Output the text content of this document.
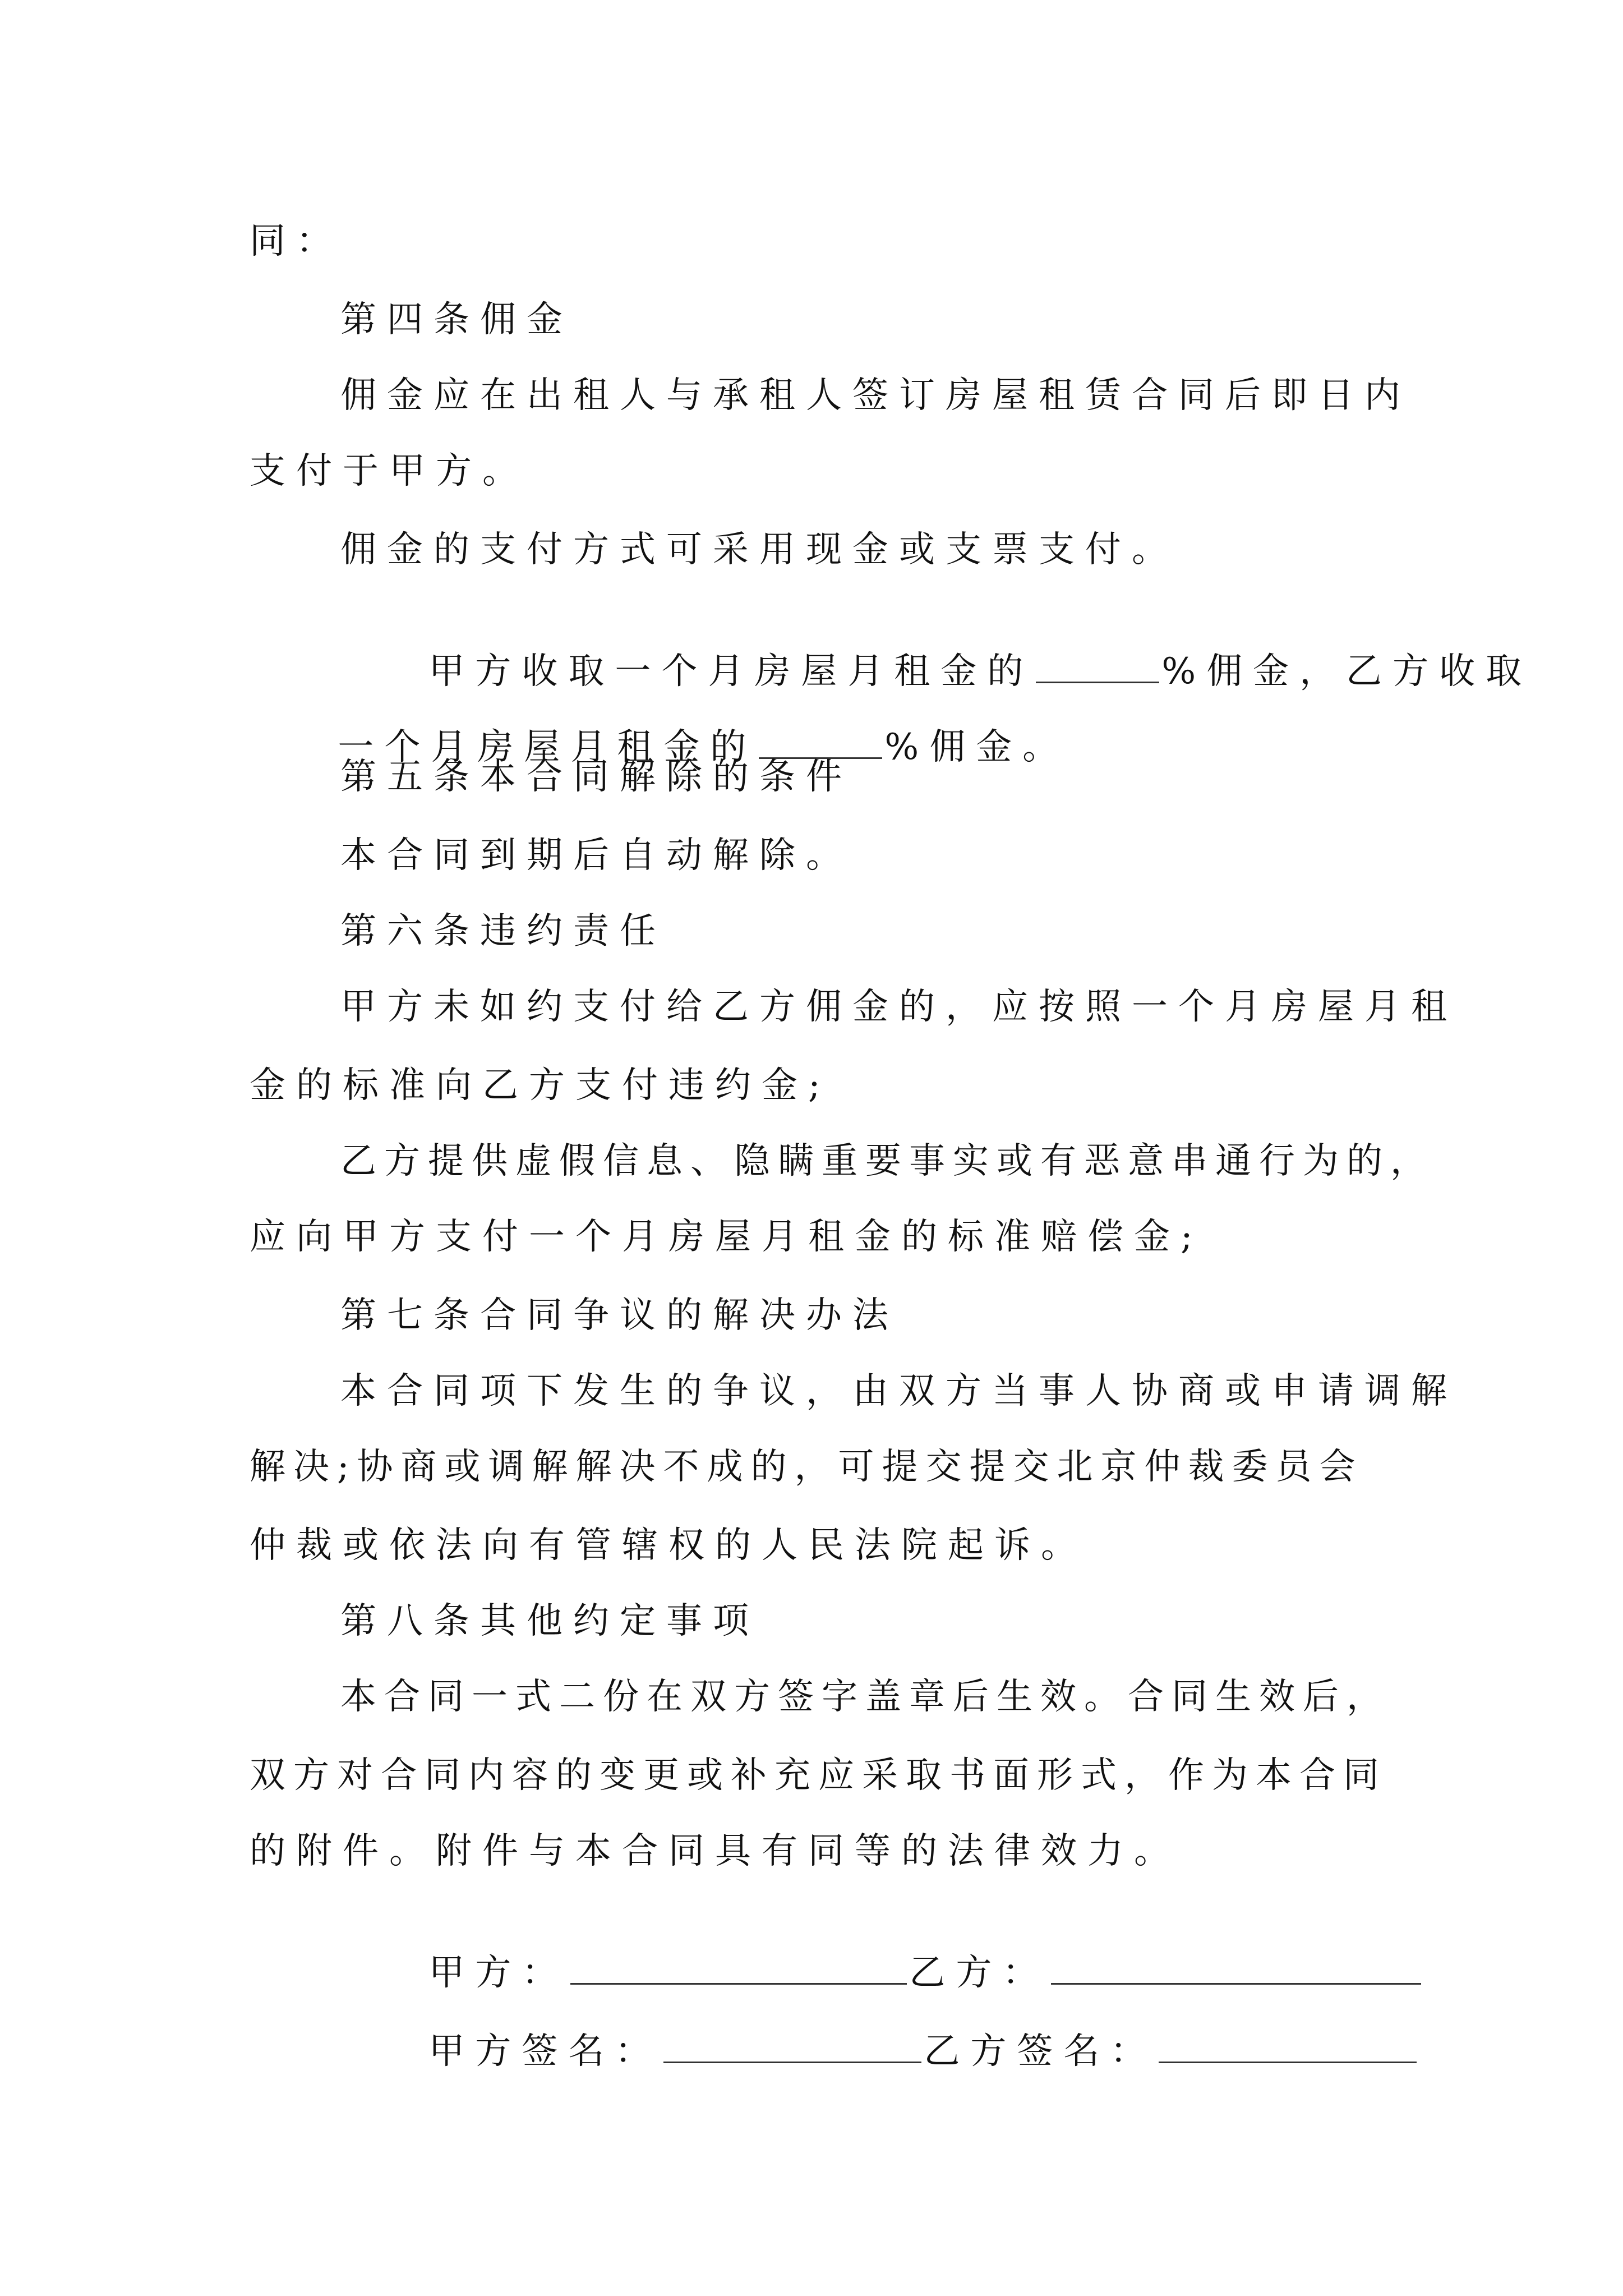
同：
第四条佣金
佣金应在出租人与承租人签订房屋租赁合同后即日内
支付于甲方。
佣金的支付方式可采用现金或支票支付。

甲方收取一个月房屋月租金的	%佣金，乙方收取

一个月房屋月租金的	%佣金。

第五条本合同解除的条件
本合同到期后自动解除。
第六条违约责任
甲方未如约支付给乙方佣金的，应按照一个月房屋月租
金的标准向乙方支付违约金;
乙方提供虚假信息、隐瞒重要事实或有恶意串通行为的，
应向甲方支付一个月房屋月租金的标准赔偿金;
第七条合同争议的解决办法
本合同项下发生的争议，由双方当事人协商或申请调解
解决;协商或调解解决不成的，可提交提交北京仲裁委员会
仲裁或依法向有管辖权的人民法院起诉。
第八条其他约定事项
本合同一式二份在双方签字盖章后生效。合同生效后，
双方对合同内容的变更或补充应采取书面形式，作为本合同
的附件。附件与本合同具有同等的法律效力。

甲方：	乙方：

甲方签名：	乙方签名：
